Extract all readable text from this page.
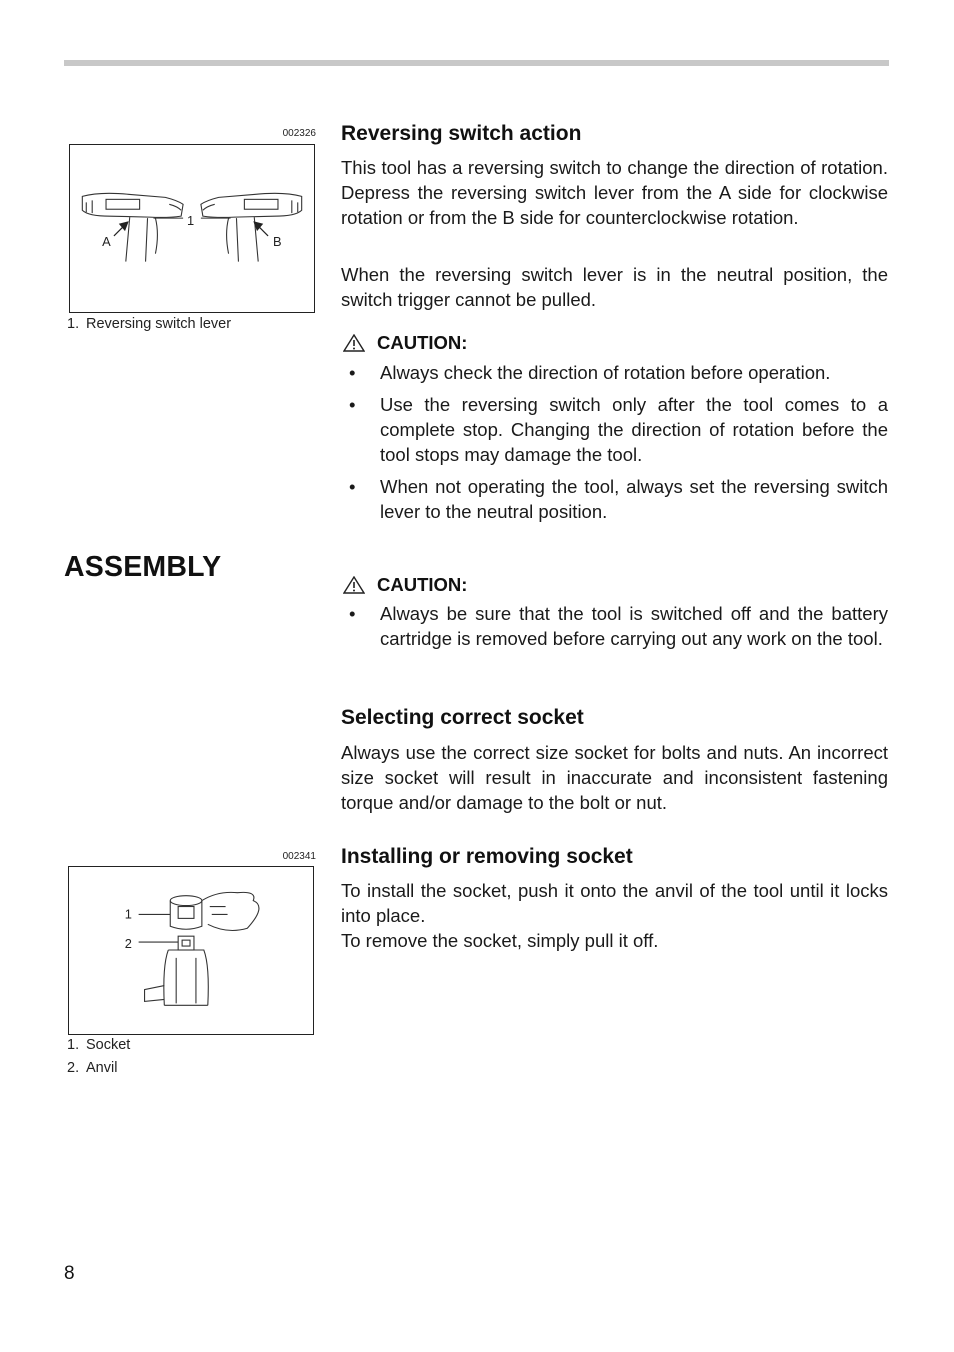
002326
1
A	B
1. Reversing switch lever
Reversing switch action

This tool has a reversing switch to change the direction of rotation. Depress the reversing switch lever from the A side for clockwise rotation or from the B side for counterclockwise rotation.

When the reversing switch lever is in the neutral position, the switch trigger cannot be pulled.

CAUTION:
• Always check the direction of rotation before operation.
• Use the reversing switch only after the tool comes to a complete stop. Changing the direction of rotation before the tool stops may damage the tool.
• When not operating the tool, always set the reversing switch lever to the neutral position.
ASSEMBLY
CAUTION:
• Always be sure that the tool is switched off and the battery cartridge is removed before carrying out any work on the tool.
Selecting correct socket

Always use the correct size socket for bolts and nuts. An incorrect size socket will result in inaccurate and inconsistent fastening torque and/or damage to the bolt or nut.

Installing or removing socket

To install the socket, push it onto the anvil of the tool until it locks into place.

To remove the socket, simply pull it off.

002341
1
2
1. Socket
2. Anvil
8
